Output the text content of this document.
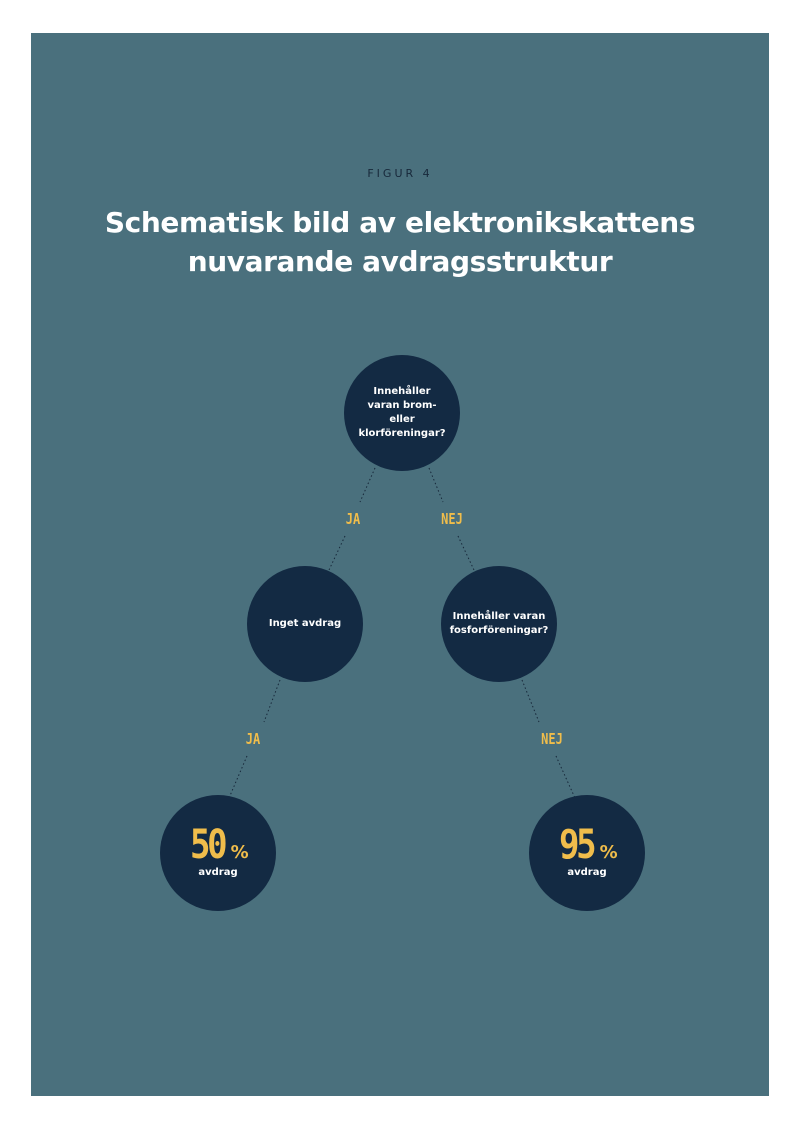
FIGUR 4
Schematisk bild av elektronikskattens
nuvarande avdragsstruktur
Innehåller varan brom- eller klorföreningar?
JA	NEJ
Inget avdrag
Innehåller varan fosforföreningar?
JA	NEJ
50 %
avdrag
95 %
avdrag
